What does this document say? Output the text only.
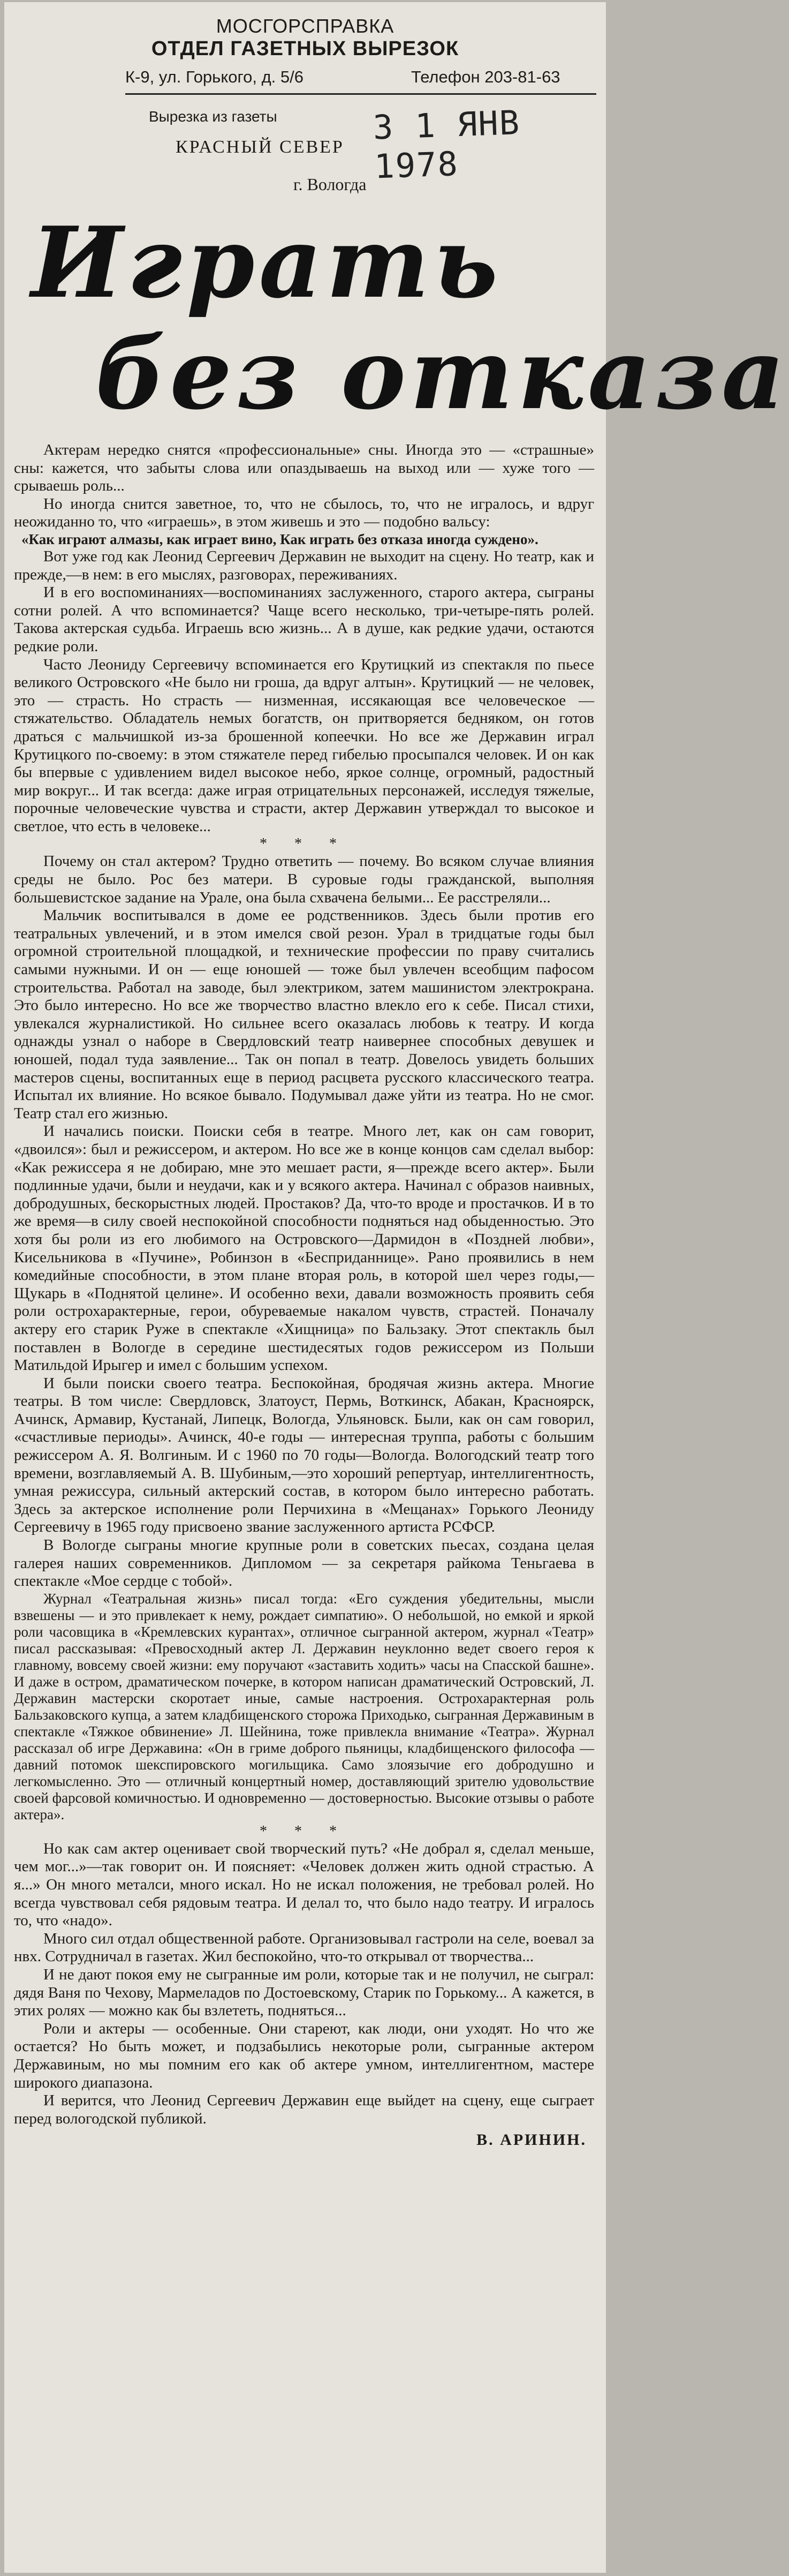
МОСГОРСПРАВКА
ОТДЕЛ ГАЗЕТНЫХ ВЫРЕЗОК
К-9, ул. Горького, д. 5/6	Телефон 203-81-63
Вырезка из газеты	3 1 ЯНВ 1978
КРАСНЫЙ СЕВЕР
г. Вологда
Играть
без отказа

Актерам нередко снятся «профессиональные» сны. Иногда это — «страшные» сны: кажется, что забыты слова или опаздываешь на выход или — хуже того — срываешь роль...

Но иногда снится заветное, то, что не сбылось, то, что не игралось, и вдруг неожиданно то, что «играешь», в этом живешь и это — подобно вальсу:

«Как играют алмазы, как играет вино, Как играть без отказа иногда суждено».

Вот уже год как Леонид Сергеевич Державин не выходит на сцену. Но театр, как и прежде,—в нем: в его мыслях, разговорах, переживаниях.

И в его воспоминаниях—воспоминаниях заслуженного, старого актера, сыграны сотни ролей. А что вспоминается? Чаще всего несколько, три-четыре-пять ролей. Такова актерская судьба. Играешь всю жизнь... А в душе, как редкие удачи, остаются редкие роли.

Часто Леонидy Сергеевичу вспоминается его Крутицкий из спектакля по пьесе великого Островского «Не было ни гроша, да вдруг алтын». Крутицкий — не человек, это — страсть. Но страсть — низменная, иссякающая все человеческое — стяжательство. Обладатель немых богатств, он притворяется бедняком, он готов драться с мальчишкой из-за брошенной копеечки. Но все же Державин играл Крутицкого по-своему: в этом стяжателе перед гибелью просыпался человек. И он как бы впервые с удивлением видел высокое небо, яркое солнце, огромный, радостный мир вокруг... И так всегда: даже играя отрицательных персонажей, исследуя тяжелые, порочные человеческие чувства и страсти, актер Державин утверждал то высокое и светлое, что есть в человеке...

* * *

Почему он стал актером? Трудно ответить — почему. Во всяком случае влияния среды не было. Рос без матери. В суровые годы гражданской, выполняя большевистское задание на Урале, она была схвачена белыми... Ее расстреляли...

Мальчик воспитывался в доме ее родственников. Здесь были против его театральных увлечений, и в этом имелся свой резон. Урал в тридцатые годы был огромной строительной площадкой, и технические профессии по праву считались самыми нужными. И он — еще юношей — тоже был увлечен всеобщим пафосом строительства. Работал на заводе, был электриком, затем машинистом электрокрана. Это было интересно. Но все же творчество властно влекло его к себе. Писал стихи, увлекался журналистикой. Но сильнее всего оказалась любовь к театру. И когда однажды узнал о наборе в Свердловский театр наивернее способных девушек и юношей, подал туда заявление... Так он попал в театр. Довелось увидеть больших мастеров сцены, воспитанных еще в период расцвета русского классического театра. Испытал их влияние. Но всякое бывало. Подумывал даже уйти из театра. Но не смог. Театр стал его жизнью.

И начались поиски. Поиски себя в театре. Много лет, как он сам говорит, «двоился»: был и режиссером, и актером. Но все же в конце концов сам сделал выбор: «Как режиссера я не добираю, мне это мешает расти, я—прежде всего актер». Были подлинные удачи, были и неудачи, как и у всякого актера. Начинал с образов наивных, добродушных, бескорыстных людей. Простаков? Да, что-то вроде и простачков. И в то же время—в силу своей неспокойной способности подняться над обыденностью. Это хотя бы роли из его любимого на Островского—Дармидон в «Поздней любви», Кисельникова в «Пучине», Робинзон в «Бесприданнице». Рано проявились в нем комедийные способности, в этом плане вторая роль, в которой шел через годы,—Щукарь в «Поднятой целине». И особенно вехи, давали возможность проявить себя роли острохарактерные, герои, обуреваемые накалом чувств, страстей. Поначалу актеру его старик Руже в спектакле «Хищница» по Бальзаку. Этот спектакль был поставлен в Вологде в середине шестидесятых годов режиссером из Польши Матильдой Ирыгер и имел с большим успехом.

И были поиски своего театра. Беспокойная, бродячая жизнь актера. Многие театры. В том числе: Свердловск, Златоуст, Пермь, Воткинск, Абакан, Красноярск, Ачинск, Армавир, Кустанай, Липецк, Вологда, Ульяновск. Были, как он сам говорил, «счастливые периоды». Ачинск, 40-е годы — интересная труппа, работы с большим режиссером А. Я. Волгиным. И с 1960 по 70 годы—Вологда. Вологодский театр того времени, возглавляемый А. В. Шубиным,—это хороший репертуар, интеллигентность, умная режиссура, сильный актерский состав, в котором было интересно работать. Здесь за актерское исполнение роли Перчихина в «Мещанах» Горького Леониду Сергеевичу в 1965 году присвоено звание заслуженного артиста РСФСР.

В Вологде сыграны многие крупные роли в советских пьесах, создана целая галерея наших современников. Дипломом — за секретаря райкома Теньгаева в спектакле «Мое сердце с тобой».

Журнал «Театральная жизнь» писал тогда: «Его суждения убедительны, мысли взвешены — и это привлекает к нему, рождает симпатию». О небольшой, но емкой и яркой роли часовщика в «Кремлевских курантах», отличное сыгранной актером, журнал «Театр» писал рассказывая: «Превосходный актер Л. Державин неуклонно ведет своего героя к главному, вовсему своей жизни: ему поручают «заставить ходить» часы на Спасской башне». И даже в остром, драматическом почерке, в котором написан драматический Островский, Л. Державин мастерски скоротает иные, самые настроения. Острохарактерная роль Бальзаковского купца, а затем кладбищенского сторожа Приходько, сыгранная Державиным в спектакле «Тяжкое обвинение» Л. Шейнина, тоже привлекла внимание «Театра». Журнал рассказал об игре Державина: «Он в гриме доброго пьяницы, кладбищенского философа — давний потомок шекспировского могильщика. Само злоязычие его добродушно и легкомысленно. Это — отличный концертный номер, доставляющий зрителю удовольствие своей фарсовой комичностью. И одновременно — достоверностью. Высокие отзывы о работе актера».

* * *

Но как сам актер оценивает свой творческий путь? «Не добрал я, сделал меньше, чем мог...»—так говорит он. И поясняет: «Человек должен жить одной страстью. А я...» Он много металси, много искал. Но не искал положения, не требовал ролей. Но всегда чувствовал себя рядовым театра. И делал то, что было надо театру. И игралось то, что «надо».

Много сил отдал общественной работе. Организовывал гастроли на селе, воевал за нвх. Сотрудничал в газетах. Жил беспокойно, что-то открывал от творчества...

И не дают покоя ему не сыгранные им роли, которые так и не получил, не сыграл: дядя Ваня по Чехову, Мармеладов по Достоевскому, Старик по Горькому... А кажется, в этих ролях — можно как бы взлететь, подняться...

Роли и актеры — особенные. Они стареют, как люди, они уходят. Но что же остается? Но быть может, и подзабылись некоторые роли, сыгранные актером Державиным, но мы помним его как об актере умном, интеллигентном, мастере широкого диапазона.

И верится, что Леонид Сергеевич Державин еще выйдет на сцену, еще сыграет перед вологодской публикой.

В. АРИНИН.
